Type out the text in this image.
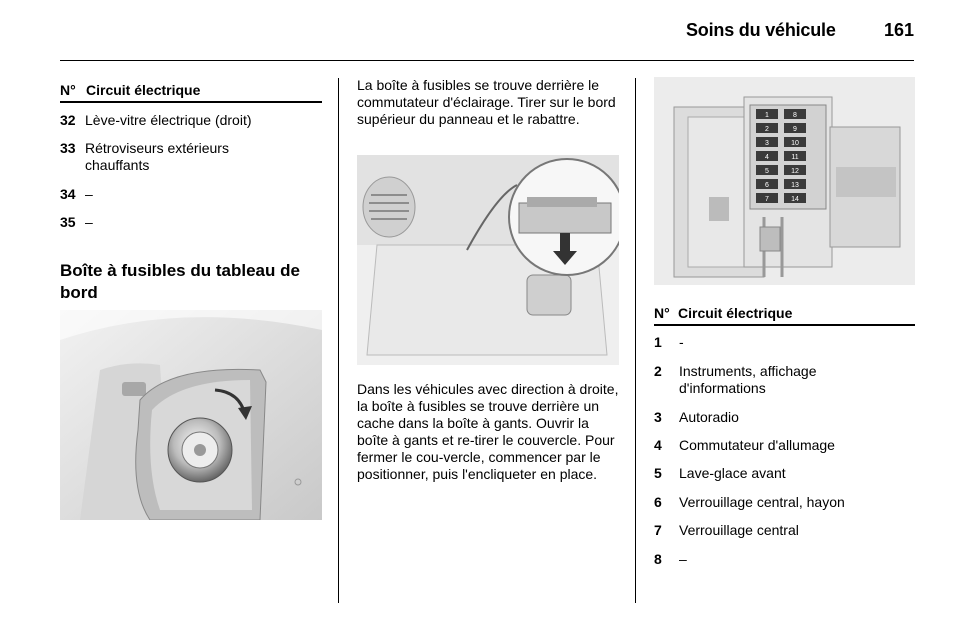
Soins du véhicule	161
N° Circuit électrique
32 Lève-vitre électrique (droit)
33 Rétroviseurs extérieurs chauffants
34 –
35 –
Boîte à fusibles du tableau de bord
La boîte à fusibles se trouve derrière le commutateur d'éclairage. Tirer sur le bord supérieur du panneau et le rabattre.
Dans les véhicules avec direction à droite, la boîte à fusibles se trouve derrière un cache dans la boîte à gants. Ouvrir la boîte à gants et re-tirer le couvercle. Pour fermer le cou-vercle, commencer par le positionner, puis l'encliqueter en place.
1	8
2	9
3	10
4	11
5	12
6	13
7	14
N° Circuit électrique
1	-
2	Instruments, affichage d'informations
3	Autoradio
4	Commutateur d'allumage
5	Lave-glace avant
6	Verrouillage central, hayon
7	Verrouillage central
8	–
